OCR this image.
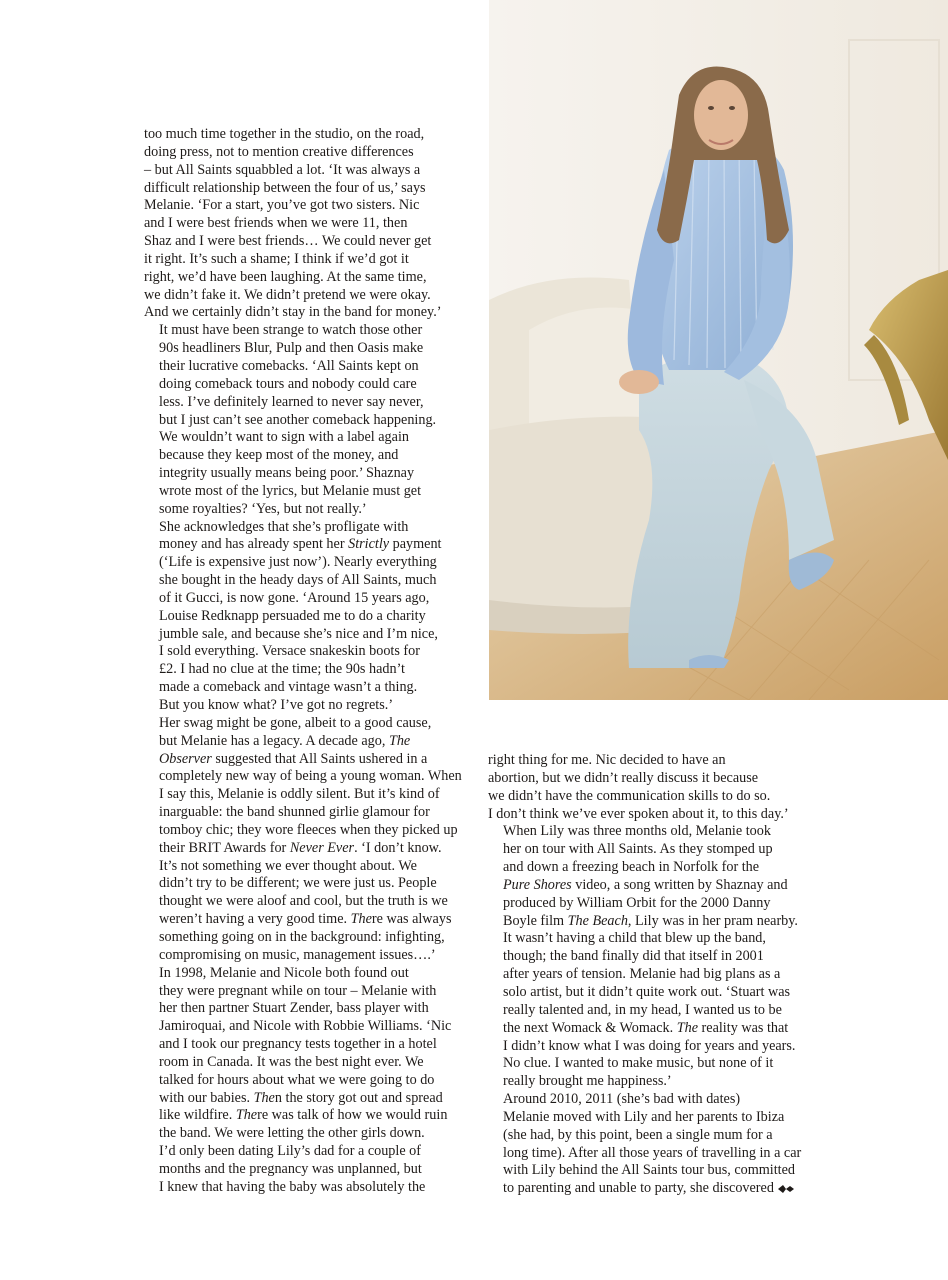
too much time together in the studio, on the road,
doing press, not to mention creative differences
– but All Saints squabbled a lot. ‘It was always a
difficult relationship between the four of us,’ says
Melanie. ‘For a start, you’ve got two sisters. Nic
and I were best friends when we were 11, then
Shaz and I were best friends… We could never get
it right. It’s such a shame; I think if we’d got it
right, we’d have been laughing. At the same time,
we didn’t fake it. We didn’t pretend we were okay.
And we certainly didn’t stay in the band for money.’

It must have been strange to watch those other
90s headliners Blur, Pulp and then Oasis make
their lucrative comebacks. ‘All Saints kept on
doing comeback tours and nobody could care
less. I’ve definitely learned to never say never,
but I just can’t see another comeback happening.
We wouldn’t want to sign with a label again
because they keep most of the money, and
integrity usually means being poor.’ Shaznay
wrote most of the lyrics, but Melanie must get
some royalties? ‘Yes, but not really.’

She acknowledges that she’s profligate with
money and has already spent her Strictly payment
(‘Life is expensive just now’). Nearly everything
she bought in the heady days of All Saints, much
of it Gucci, is now gone. ‘Around 15 years ago,
Louise Redknapp persuaded me to do a charity
jumble sale, and because she’s nice and I’m nice,
I sold everything. Versace snakeskin boots for
£2. I had no clue at the time; the 90s hadn’t
made a comeback and vintage wasn’t a thing.
But you know what? I’ve got no regrets.’

Her swag might be gone, albeit to a good cause,
but Melanie has a legacy. A decade ago, The
Observer suggested that All Saints ushered in a
completely new way of being a young woman. When
I say this, Melanie is oddly silent. But it’s kind of
inarguable: the band shunned girlie glamour for
tomboy chic; they wore fleeces when they picked up
their BRIT Awards for Never Ever. ‘I don’t know.
It’s not something we ever thought about. We
didn’t try to be different; we were just us. People
thought we were aloof and cool, but the truth is we
weren’t having a very good time. There was always
something going on in the background: infighting,
compromising on music, management issues….’

In 1998, Melanie and Nicole both found out
they were pregnant while on tour – Melanie with
her then partner Stuart Zender, bass player with
Jamiroquai, and Nicole with Robbie Williams. ‘Nic
and I took our pregnancy tests together in a hotel
room in Canada. It was the best night ever. We
talked for hours about what we were going to do
with our babies. Then the story got out and spread
like wildfire. There was talk of how we would ruin
the band. We were letting the other girls down.
I’d only been dating Lily’s dad for a couple of
months and the pregnancy was unplanned, but
I knew that having the baby was absolutely the

right thing for me. Nic decided to have an
abortion, but we didn’t really discuss it because
we didn’t have the communication skills to do so.
I don’t think we’ve ever spoken about it, to this day.’

When Lily was three months old, Melanie took
her on tour with All Saints. As they stomped up
and down a freezing beach in Norfolk for the
Pure Shores video, a song written by Shaznay and
produced by William Orbit for the 2000 Danny
Boyle film The Beach, Lily was in her pram nearby.
It wasn’t having a child that blew up the band,
though; the band finally did that itself in 2001
after years of tension. Melanie had big plans as a
solo artist, but it didn’t quite work out. ‘Stuart was
really talented and, in my head, I wanted us to be
the next Womack & Womack. The reality was that
I didn’t know what I was doing for years and years.
No clue. I wanted to make music, but none of it
really brought me happiness.’

Around 2010, 2011 (she’s bad with dates)
Melanie moved with Lily and her parents to Ibiza
(she had, by this point, been a single mum for a
long time). After all those years of travelling in a car
with Lily behind the All Saints tour bus, committed
to parenting and unable to party, she discovered
